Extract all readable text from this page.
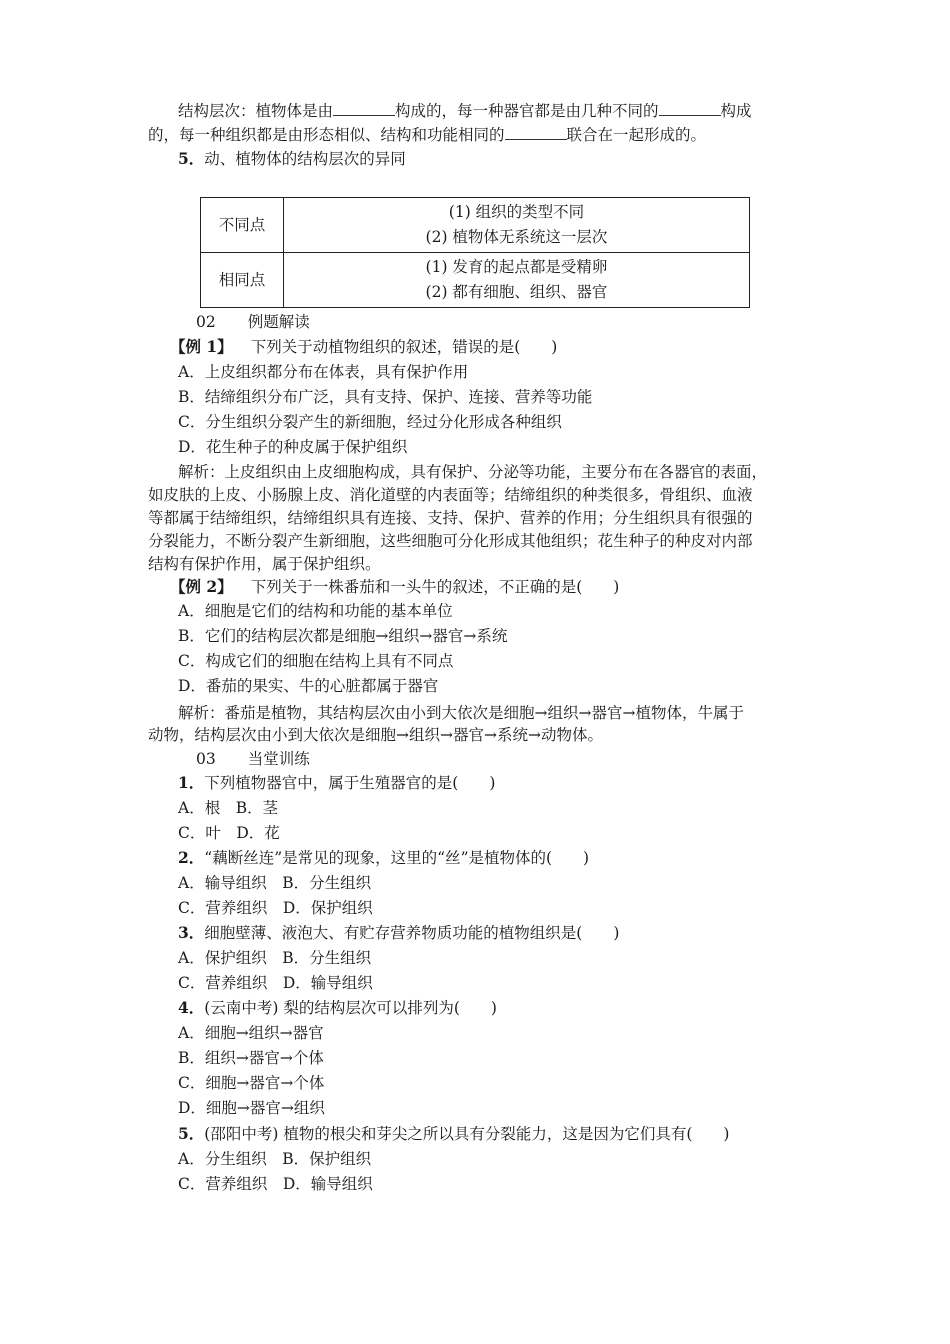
结构层次：植物体是由	构成的，每一种器官都是由几种不同的	构成
的，每一种组织都是由形态相似、结构和功能相同的	联合在一起形成的。
5．动、植物体的结构层次的异同
不同点	(1) 组织的类型不同
(2) 植物体无系统这一层次

相同点	(1) 发育的起点都是受精卵
(2) 都有细胞、组织、器官
02 例题解读
【例 1】 下列关于动植物组织的叙述，错误的是(　　)
A．上皮组织都分布在体表，具有保护作用
B．结缔组织分布广泛，具有支持、保护、连接、营养等功能
C．分生组织分裂产生的新细胞，经过分化形成各种组织
D．花生种子的种皮属于保护组织
解析：上皮组织由上皮细胞构成，具有保护、分泌等功能，主要分布在各器官的表面，
如皮肤的上皮、小肠腺上皮、消化道壁的内表面等；结缔组织的种类很多，骨组织、血液
等都属于结缔组织，结缔组织具有连接、支持、保护、营养的作用；分生组织具有很强的
分裂能力，不断分裂产生新细胞，这些细胞可分化形成其他组织；花生种子的种皮对内部
结构有保护作用，属于保护组织。
【例 2】 下列关于一株番茄和一头牛的叙述，不正确的是(　　)
A．细胞是它们的结构和功能的基本单位
B．它们的结构层次都是细胞→组织→器官→系统
C．构成它们的细胞在结构上具有不同点
D．番茄的果实、牛的心脏都属于器官
解析：番茄是植物，其结构层次由小到大依次是细胞→组织→器官→植物体，牛属于
动物，结构层次由小到大依次是细胞→组织→器官→系统→动物体。
03 当堂训练
1．下列植物器官中，属于生殖器官的是(　　)
A．根　B．茎
C．叶　D．花
2．“藕断丝连”是常见的现象，这里的“丝”是植物体的(　　)
A．输导组织　B．分生组织
C．营养组织　D．保护组织
3．细胞壁薄、液泡大、有贮存营养物质功能的植物组织是(　　)
A．保护组织　B．分生组织
C．营养组织　D．输导组织
4．(云南中考) 梨的结构层次可以排列为(　　)
A．细胞→组织→器官
B．组织→器官→个体
C．细胞→器官→个体
D．细胞→器官→组织
5．(邵阳中考) 植物的根尖和芽尖之所以具有分裂能力，这是因为它们具有(　　)
A．分生组织　B．保护组织
C．营养组织　D．输导组织
